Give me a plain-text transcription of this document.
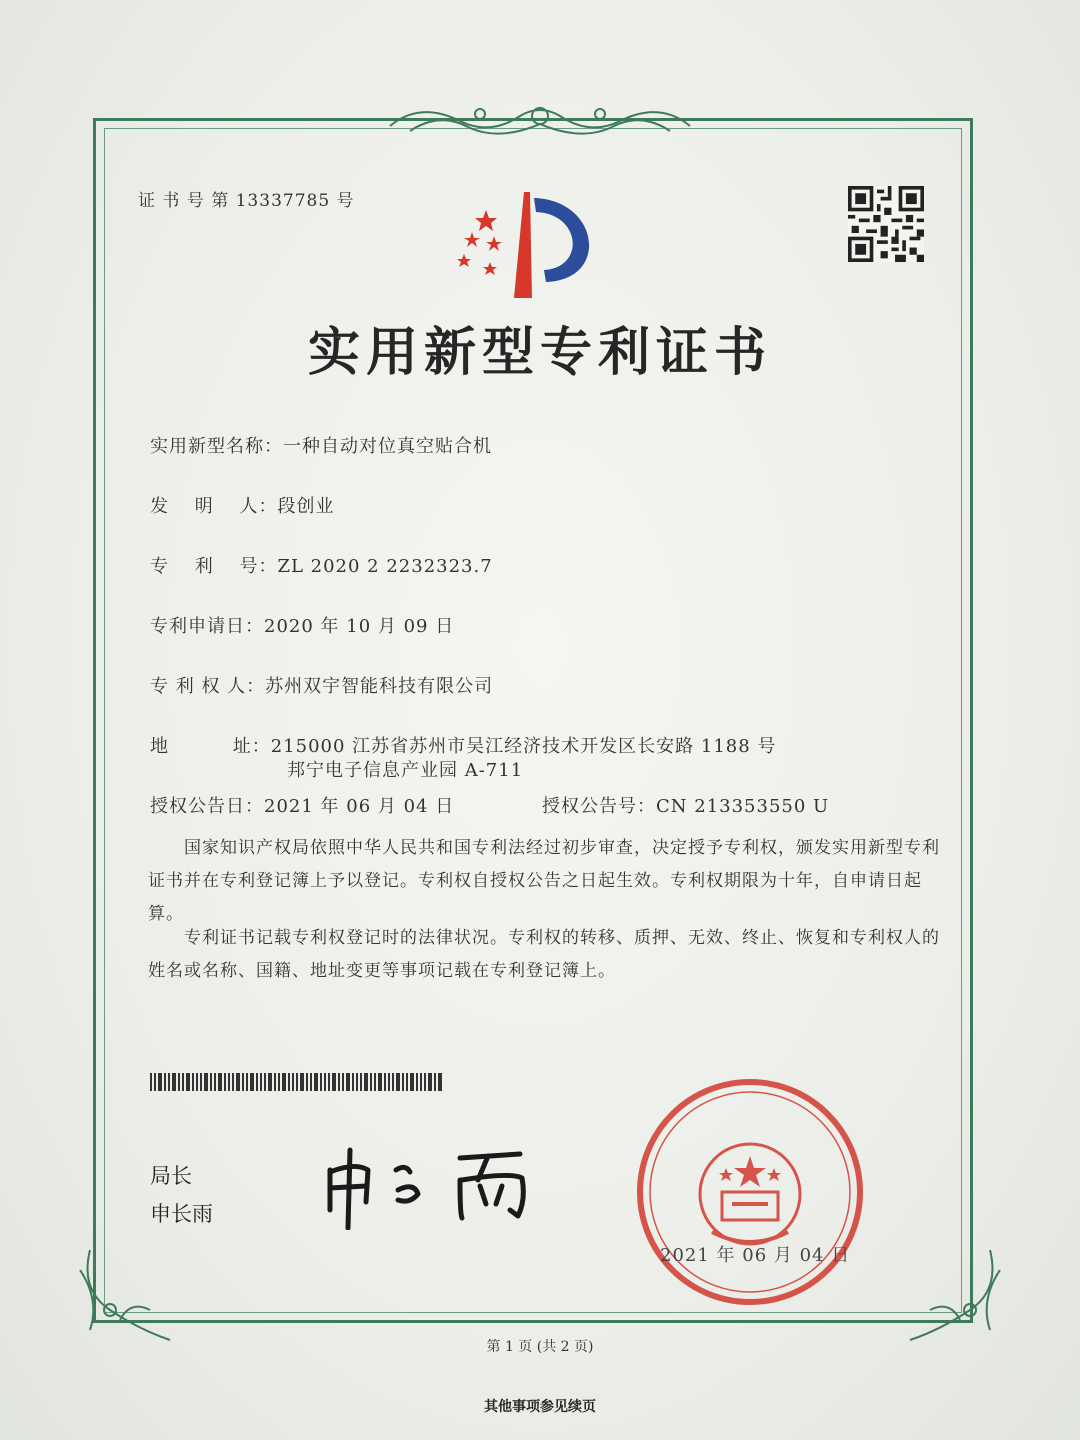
证 书 号 第 13337785 号
实用新型专利证书
实用新型名称：一种自动对位真空贴合机
发　 明　 人：段创业
专　 利　 号：ZL 2020 2 2232323.7
专利申请日：2020 年 10 月 09 日
专 利 权 人：苏州双宇智能科技有限公司
地　　　 址：215000 江苏省苏州市吴江经济技术开发区长安路 1188 号
邦宁电子信息产业园 A-711
授权公告日：2021 年 06 月 04 日	授权公告号：CN 213353550 U
国家知识产权局依照中华人民共和国专利法经过初步审查，决定授予专利权，颁发实用新型专利证书并在专利登记簿上予以登记。专利权自授权公告之日起生效。专利权期限为十年，自申请日起算。
专利证书记载专利权登记时的法律状况。专利权的转移、质押、无效、终止、恢复和专利权人的姓名或名称、国籍、地址变更等事项记载在专利登记簿上。
局长
申长雨
2021 年 06 月 04 日
第 1 页 (共 2 页)
其他事项参见续页
